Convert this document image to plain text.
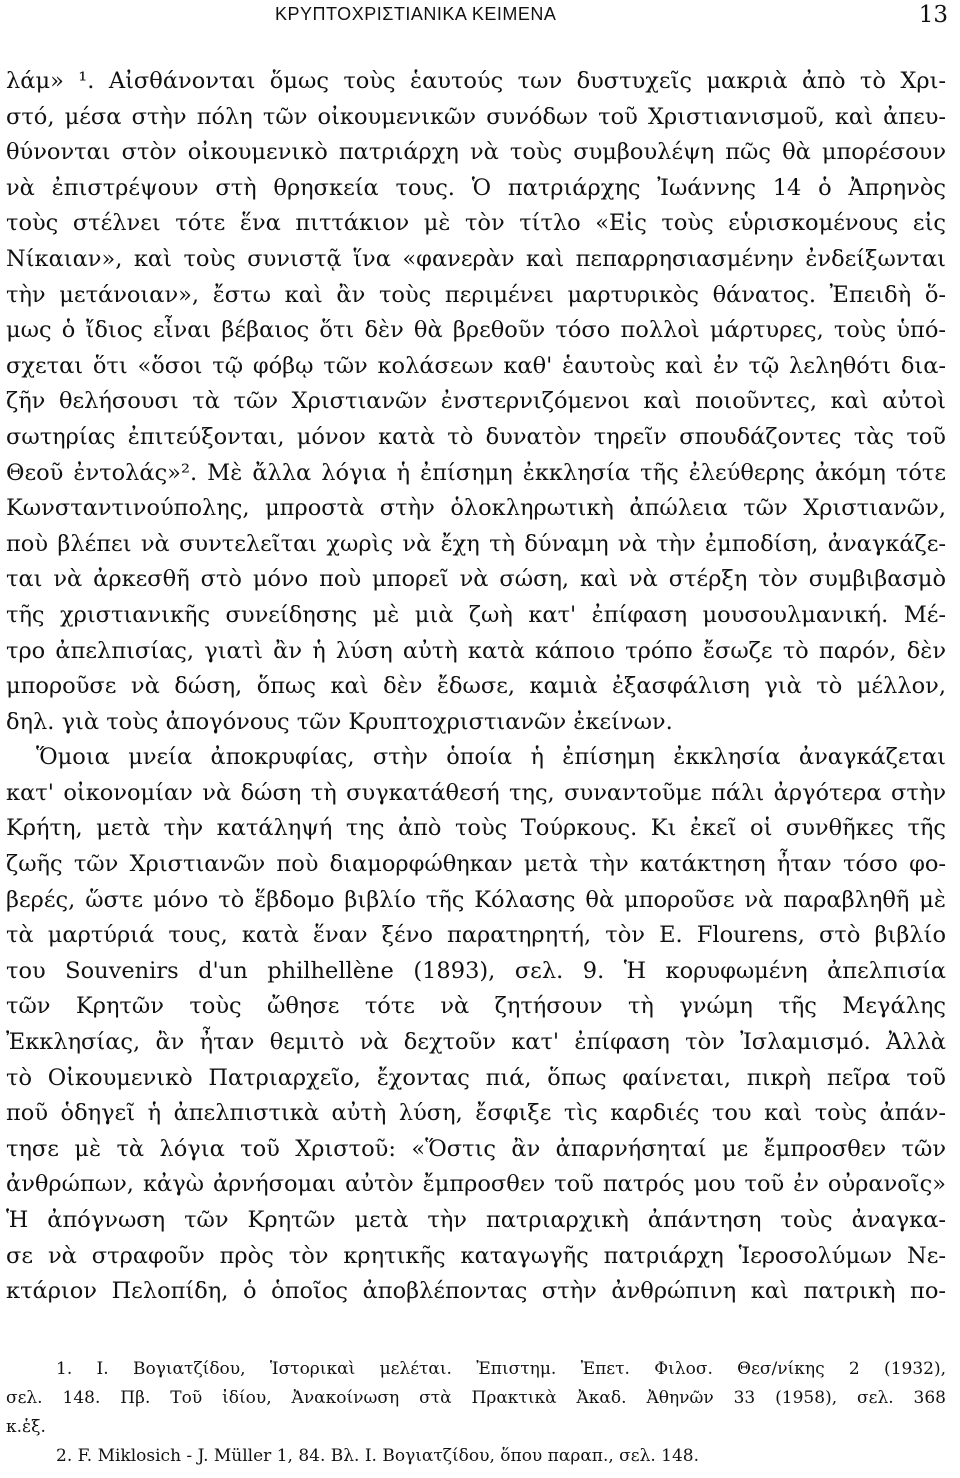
ΚΡΥΠΤΟΧΡΙΣΤΙΑΝΙΚΑ ΚΕΙΜΕΝΑ	13
λάμ» ¹. Αἰσθάνονται ὅμως τοὺς ἑαυτούς των δυστυχεῖς μακριὰ ἀπὸ τὸ Χρι-
στό, μέσα στὴν πόλη τῶν οἰκουμενικῶν συνόδων τοῦ Χριστιανισμοῦ, καὶ ἀπευ-
θύνονται στὸν οἰκουμενικὸ πατριάρχη νὰ τοὺς συμβουλέψη πῶς θὰ μπορέσουν
νὰ ἐπιστρέψουν στὴ θρησκεία τους. Ὁ πατριάρχης Ἰωάννης 14 ὁ Ἀπρηνὸς
τοὺς στέλνει τότε ἕνα πιττάκιον μὲ τὸν τίτλο «Εἰς τοὺς εὑρισκομένους εἰς
Νίκαιαν», καὶ τοὺς συνιστᾷ ἵνα «φανερὰν καὶ πεπαρρησιασμένην ἐνδείξωνται
τὴν μετάνοιαν», ἔστω καὶ ἂν τοὺς περιμένει μαρτυρικὸς θάνατος. Ἐπειδὴ ὅ-
μως ὁ ἴδιος εἶναι βέβαιος ὅτι δὲν θὰ βρεθοῦν τόσο πολλοὶ μάρτυρες, τοὺς ὑπό-
σχεται ὅτι «ὅσοι τῷ φόβῳ τῶν κολάσεων καθ' ἑαυτοὺς καὶ ἐν τῷ λεληθότι δια-
ζῆν θελήσουσι τὰ τῶν Χριστιανῶν ἐνστερνιζόμενοι καὶ ποιοῦντες, καὶ αὐτοὶ
σωτηρίας ἐπιτεύξονται, μόνον κατὰ τὸ δυνατὸν τηρεῖν σπουδάζοντες τὰς τοῦ
Θεοῦ ἐντολάς»². Μὲ ἄλλα λόγια ἡ ἐπίσημη ἐκκλησία τῆς ἐλεύθερης ἀκόμη τότε
Κωνσταντινούπολης, μπροστὰ στὴν ὁλοκληρωτικὴ ἀπώλεια τῶν Χριστιανῶν,
ποὺ βλέπει νὰ συντελεῖται χωρὶς νὰ ἔχη τὴ δύναμη νὰ τὴν ἐμποδίση, ἀναγκάζε-
ται νὰ ἀρκεσθῆ στὸ μόνο ποὺ μπορεῖ νὰ σώση, καὶ νὰ στέρξη τὸν συμβιβασμὸ
τῆς χριστιανικῆς συνείδησης μὲ μιὰ ζωὴ κατ' ἐπίφαση μουσουλμανική. Μέ-
τρο ἀπελπισίας, γιατὶ ἂν ἡ λύση αὐτὴ κατὰ κάποιο τρόπο ἔσωζε τὸ παρόν, δὲν
μποροῦσε νὰ δώση, ὅπως καὶ δὲν ἔδωσε, καμιὰ ἐξασφάλιση γιὰ τὸ μέλλον,
δηλ. γιὰ τοὺς ἀπογόνους τῶν Κρυπτοχριστιανῶν ἐκείνων.
Ὅμοια μνεία ἀποκρυφίας, στὴν ὁποία ἡ ἐπίσημη ἐκκλησία ἀναγκάζεται
κατ' οἰκονομίαν νὰ δώση τὴ συγκατάθεσή της, συναντοῦμε πάλι ἀργότερα στὴν
Κρήτη, μετὰ τὴν κατάληψή της ἀπὸ τοὺς Τούρκους. Κι ἐκεῖ οἱ συνθῆκες τῆς
ζωῆς τῶν Χριστιανῶν ποὺ διαμορφώθηκαν μετὰ τὴν κατάκτηση ἦταν τόσο φο-
βερές, ὥστε μόνο τὸ ἕβδομο βιβλίο τῆς Κόλασης θὰ μποροῦσε νὰ παραβληθῆ μὲ
τὰ μαρτύριά τους, κατὰ ἕναν ξένο παρατηρητή, τὸν E. Flourens, στὸ βιβλίο
του Souvenirs d'un philhellène (1893), σελ. 9. Ἡ κορυφωμένη ἀπελπισία
τῶν Κρητῶν τοὺς ὤθησε τότε νὰ ζητήσουν τὴ γνώμη τῆς Μεγάλης
Ἐκκλησίας, ἂν ἦταν θεμιτὸ νὰ δεχτοῦν κατ' ἐπίφαση τὸν Ἰσλαμισμό. Ἀλλὰ
τὸ Οἰκουμενικὸ Πατριαρχεῖο, ἔχοντας πιά, ὅπως φαίνεται, πικρὴ πεῖρα τοῦ
ποῦ ὁδηγεῖ ἡ ἀπελπιστικὰ αὐτὴ λύση, ἔσφιξε τὶς καρδιές του καὶ τοὺς ἀπάν-
τησε μὲ τὰ λόγια τοῦ Χριστοῦ: «Ὅστις ἂν ἀπαρνήσηταί με ἔμπροσθεν τῶν
ἀνθρώπων, κἀγὼ ἀρνήσομαι αὐτὸν ἔμπροσθεν τοῦ πατρός μου τοῦ ἐν οὐρανοῖς»
Ἡ ἀπόγνωση τῶν Κρητῶν μετὰ τὴν πατριαρχικὴ ἀπάντηση τοὺς ἀναγκα-
σε νὰ στραφοῦν πρὸς τὸν κρητικῆς καταγωγῆς πατριάρχη Ἱεροσολύμων Νε-
κτάριον Πελοπίδη, ὁ ὁποῖος ἀποβλέποντας στὴν ἀνθρώπινη καὶ πατρικὴ πο-
1. Ι. Βογιατζίδου, Ἱστορικαὶ μελέται. Ἐπιστημ. Ἐπετ. Φιλοσ. Θεσ/νίκης 2 (1932),
σελ. 148. Πβ. Τοῦ ἰδίου, Ἀνακοίνωση στὰ Πρακτικὰ Ἀκαδ. Ἀθηνῶν 33 (1958), σελ. 368
κ.ἑξ.
2. F. Miklosich - J. Müller 1, 84. Βλ. Ι. Βογιατζίδου, ὅπου παραπ., σελ. 148.
